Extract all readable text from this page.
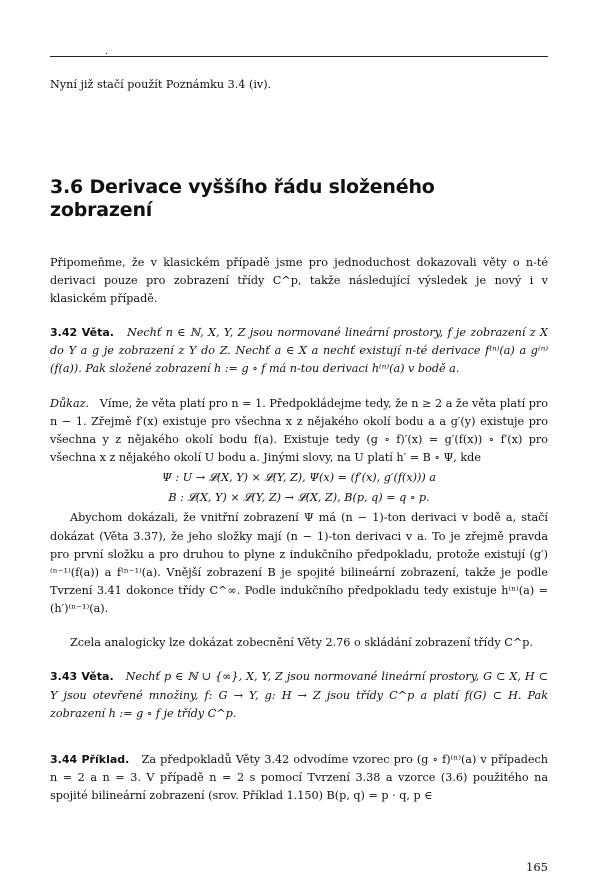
.

Nyní již stačí použít Poznámku 3.4 (iv).

3.6 Derivace vyššího řádu složeného
zobrazení

Připomeňme, že v klasickém případě jsme pro jednoduchost dokazovali věty o n-té derivaci pouze pro zobrazení třídy C^p, takže následující výsledek je nový i v klasickém případě.

3.42 Věta. Nechť n ∈ ℕ, X, Y, Z jsou normované lineární prostory, f je zobrazení z X do Y a g je zobrazení z Y do Z. Nechť a ∈ X a nechť existují n-té derivace f⁽ⁿ⁾(a) a g⁽ⁿ⁾(f(a)). Pak složené zobrazení h := g ∘ f má n-tou derivaci h⁽ⁿ⁾(a) v bodě a.

Důkaz. Víme, že věta platí pro n = 1. Předpokládejme tedy, že n ≥ 2 a že věta platí pro n − 1. Zřejmě f′(x) existuje pro všechna x z nějakého okolí bodu a a g′(y) existuje pro všechna y z nějakého okolí bodu f(a). Existuje tedy (g ∘ f)′(x) = g′(f(x)) ∘ f′(x) pro všechna x z nějakého okolí U bodu a. Jinými slovy, na U platí h′ = B ∘ Ψ, kde

Ψ : U → 𝓛(X, Y) × 𝓛(Y, Z), Ψ(x) = (f′(x), g′(f(x))) a
B : 𝓛(X, Y) × 𝓛(Y, Z) → 𝓛(X, Z), B(p, q) = q ∘ p.

Abychom dokázali, že vnitřní zobrazení Ψ má (n − 1)-ton derivaci v bodě a, stačí dokázat (Věta 3.37), že jeho složky mají (n − 1)-ton derivaci v a. To je zřejmě pravda pro první složku a pro druhou to plyne z indukčního předpokladu, protože existují (g′)⁽ⁿ⁻¹⁾(f(a)) a f⁽ⁿ⁻¹⁾(a). Vnější zobrazení B je spojité bilineární zobrazení, takže je podle Tvrzení 3.41 dokonce třídy C^∞. Podle indukčního předpokladu tedy existuje h⁽ⁿ⁾(a) = (h′)⁽ⁿ⁻¹⁾(a).

Zcela analogicky lze dokázat zobecnění Věty 2.76 o skládání zobrazení třídy C^p.

3.43 Věta. Nechť p ∈ ℕ ∪ {∞}, X, Y, Z jsou normované lineární prostory, G ⊂ X, H ⊂ Y jsou otevřené množiny, f: G → Y, g: H → Z jsou třídy C^p a platí f(G) ⊂ H. Pak zobrazení h := g ∘ f je třídy C^p.

3.44 Příklad. Za předpokladů Věty 3.42 odvodíme vzorec pro (g ∘ f)⁽ⁿ⁾(a) v případech n = 2 a n = 3. V případě n = 2 s pomocí Tvrzení 3.38 a vzorce (3.6) použitého na spojité bilineární zobrazení (srov. Příklad 1.150) B(p, q) = p · q, p ∈

165
